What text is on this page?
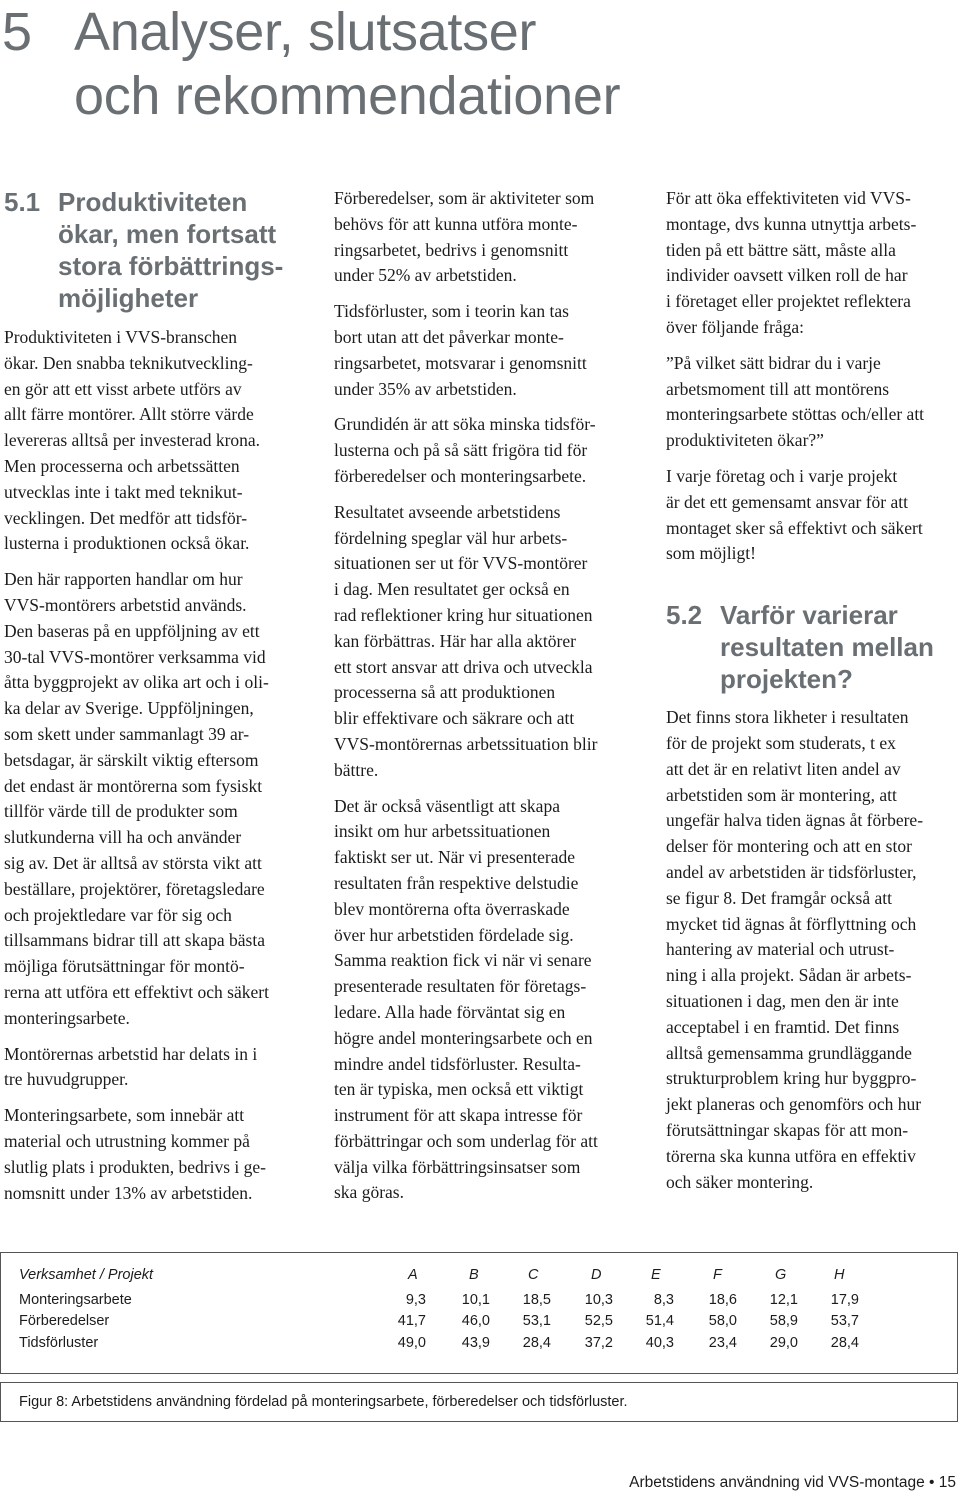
5 Analyser, slutsatser
och rekommendationer
5.1 Produktiviteten
ökar, men fortsatt
stora förbättrings-
möjligheter

Produktiviteten i VVS-branschen
ökar. Den snabba teknikutveckling-
en gör att ett visst arbete utförs av
allt färre montörer. Allt större värde
levereras alltså per investerad krona.
Men processerna och arbetssätten
utvecklas inte i takt med teknikut-
vecklingen. Det medför att tidsför-
lusterna i produktionen också ökar.

Den här rapporten handlar om hur
VVS-montörers arbetstid används.
Den baseras på en uppföljning av ett
30-tal VVS-montörer verksamma vid
åtta byggprojekt av olika art och i oli-
ka delar av Sverige. Uppföljningen,
som skett under sammanlagt 39 ar-
betsdagar, är särskilt viktig eftersom
det endast är montörerna som fysiskt
tillför värde till de produkter som
slutkunderna vill ha och använder
sig av. Det är alltså av största vikt att
beställare, projektörer, företagsledare
och projektledare var för sig och
tillsammans bidrar till att skapa bästa
möjliga förutsättningar för montö-
rerna att utföra ett effektivt och säkert
monteringsarbete.

Montörernas arbetstid har delats in i
tre huvudgrupper.

Monteringsarbete, som innebär att
material och utrustning kommer på
slutlig plats i produkten, bedrivs i ge-
nomsnitt under 13% av arbetstiden.

Förberedelser, som är aktiviteter som
behövs för att kunna utföra monte-
ringsarbetet, bedrivs i genomsnitt
under 52% av arbetstiden.

Tidsförluster, som i teorin kan tas
bort utan att det påverkar monte-
ringsarbetet, motsvarar i genomsnitt
under 35% av arbetstiden.

Grundidén är att söka minska tidsför-
lusterna och på så sätt frigöra tid för
förberedelser och monteringsarbete.

Resultatet avseende arbetstidens
fördelning speglar väl hur arbets-
situationen ser ut för VVS-montörer
i dag. Men resultatet ger också en
rad reflektioner kring hur situationen
kan förbättras. Här har alla aktörer
ett stort ansvar att driva och utveckla
processerna så att produktionen
blir effektivare och säkrare och att
VVS-montörernas arbetssituation blir
bättre.

Det är också väsentligt att skapa
insikt om hur arbetssituationen
faktiskt ser ut. När vi presenterade
resultaten från respektive delstudie
blev montörerna ofta överraskade
över hur arbetstiden fördelade sig.
Samma reaktion fick vi när vi senare
presenterade resultaten för företags-
ledare. Alla hade förväntat sig en
högre andel monteringsarbete och en
mindre andel tidsförluster. Resulta-
ten är typiska, men också ett viktigt
instrument för att skapa intresse för
förbättringar och som underlag för att
välja vilka förbättringsinsatser som
ska göras.

För att öka effektiviteten vid VVS-
montage, dvs kunna utnyttja arbets-
tiden på ett bättre sätt, måste alla
individer oavsett vilken roll de har
i företaget eller projektet reflektera
över följande fråga:

”På vilket sätt bidrar du i varje
arbetsmoment till att montörens
monteringsarbete stöttas och/eller att
produktiviteten ökar?”

I varje företag och i varje projekt
är det ett gemensamt ansvar för att
montaget sker så effektivt och säkert
som möjligt!

5.2 Varför varierar
resultaten mellan
projekten?

Det finns stora likheter i resultaten
för de projekt som studerats, t ex
att det är en relativt liten andel av
arbetstiden som är montering, att
ungefär halva tiden ägnas åt förbere-
delser för montering och att en stor
andel av arbetstiden är tidsförluster,
se figur 8. Det framgår också att
mycket tid ägnas åt förflyttning och
hantering av material och utrust-
ning i alla projekt. Sådan är arbets-
situationen i dag, men den är inte
acceptabel i en framtid. Det finns
alltså gemensamma grundläggande
strukturproblem kring hur byggpro-
jekt planeras och genomförs och hur
förutsättningar skapas för att mon-
törerna ska kunna utföra en effektiv
och säker montering.

Verksamhet / Projekt	A	B	C	D	E	F	G	H
Monteringsarbete	9,3	10,1	18,5	10,3	8,3	18,6	12,1	17,9
Förberedelser	41,7	46,0	53,1	52,5	51,4	58,0	58,9	53,7
Tidsförluster	49,0	43,9	28,4	37,2	40,3	23,4	29,0	28,4
Figur 8: Arbetstidens användning fördelad på monteringsarbete, förberedelser och tidsförluster.
Arbetstidens användning vid VVS-montage • 15
